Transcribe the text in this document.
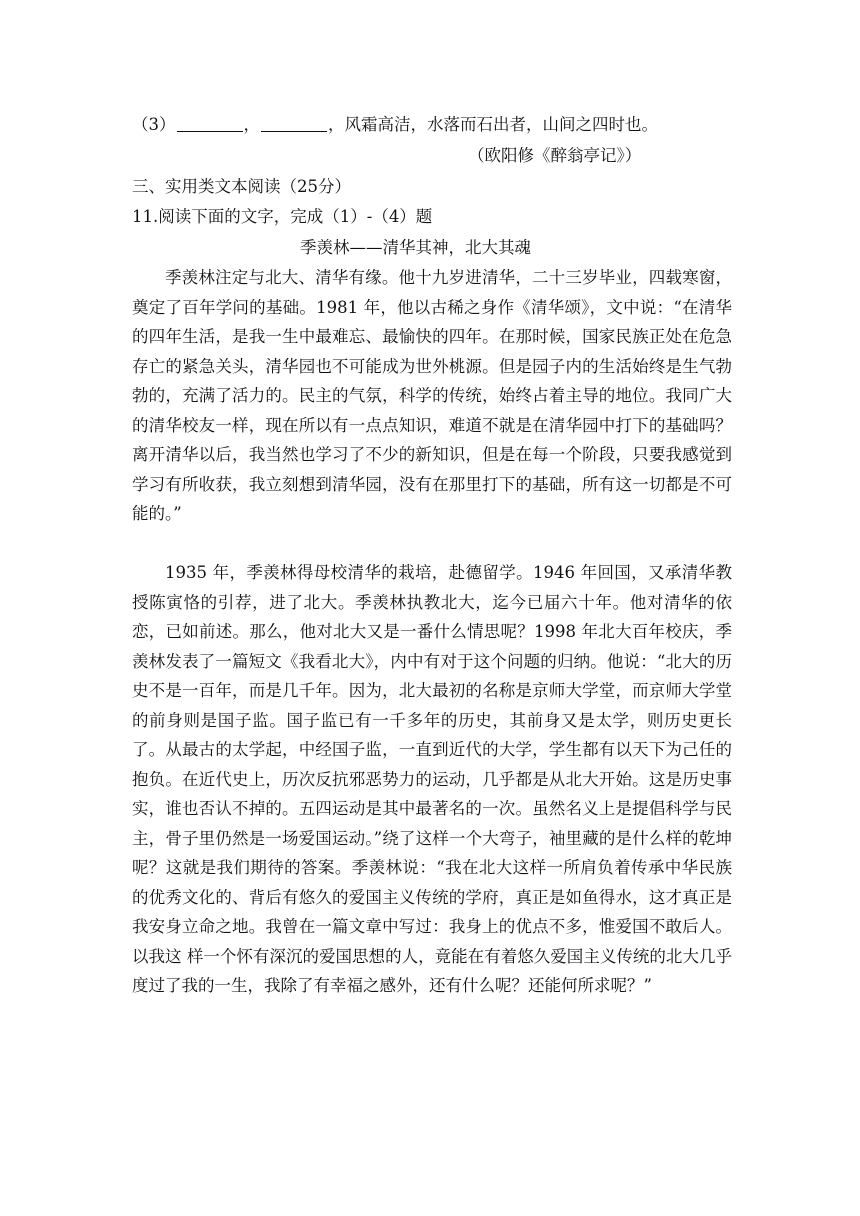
（3）	，	，风霜高洁，水落而石出者，山间之四时也。
（欧阳修《醉翁亭记》）
三、实用类文本阅读（25分）
11.阅读下面的文字，完成（1）-（4）题
季羡林——清华其神，北大其魂

季羡林注定与北大、清华有缘。他十九岁进清华，二十三岁毕业，四载寒窗，奠定了百年学问的基础。1981 年，他以古稀之身作《清华颂》，文中说：“在清华的四年生活，是我一生中最难忘、最愉快的四年。在那时候，国家民族正处在危急存亡的紧急关头，清华园也不可能成为世外桃源。但是园子内的生活始终是生气勃勃的，充满了活力的。民主的气氛，科学的传统，始终占着主导的地位。我同广大的清华校友一样，现在所以有一点点知识，难道不就是在清华园中打下的基础吗？离开清华以后，我当然也学习了不少的新知识，但是在每一个阶段，只要我感觉到学习有所收获，我立刻想到清华园，没有在那里打下的基础，所有这一切都是不可能的。”

1935 年，季羡林得母校清华的栽培，赴德留学。1946 年回国，又承清华教授陈寅恪的引荐，进了北大。季羡林执教北大，迄今已届六十年。他对清华的依恋，已如前述。那么，他对北大又是一番什么情思呢？1998 年北大百年校庆，季羡林发表了一篇短文《我看北大》，内中有对于这个问题的归纳。他说：“北大的历史不是一百年，而是几千年。因为，北大最初的名称是京师大学堂，而京师大学堂的前身则是国子监。国子监已有一千多年的历史，其前身又是太学，则历史更长了。从最古的太学起，中经国子监，一直到近代的大学，学生都有以天下为己任的抱负。在近代史上，历次反抗邪恶势力的运动，几乎都是从北大开始。这是历史事实，谁也否认不掉的。五四运动是其中最著名的一次。虽然名义上是提倡科学与民主，骨子里仍然是一场爱国运动。”绕了这样一个大弯子，袖里藏的是什么样的乾坤呢？这就是我们期待的答案。季羡林说：“我在北大这样一所肩负着传承中华民族的优秀文化的、背后有悠久的爱国主义传统的学府，真正是如鱼得水，这才真正是我安身立命之地。我曾在一篇文章中写过：我身上的优点不多，惟爱国不敢后人。以我这 样一个怀有深沉的爱国思想的人，竟能在有着悠久爱国主义传统的北大几乎度过了我的一生，我除了有幸福之感外，还有什么呢？还能何所求呢？”
